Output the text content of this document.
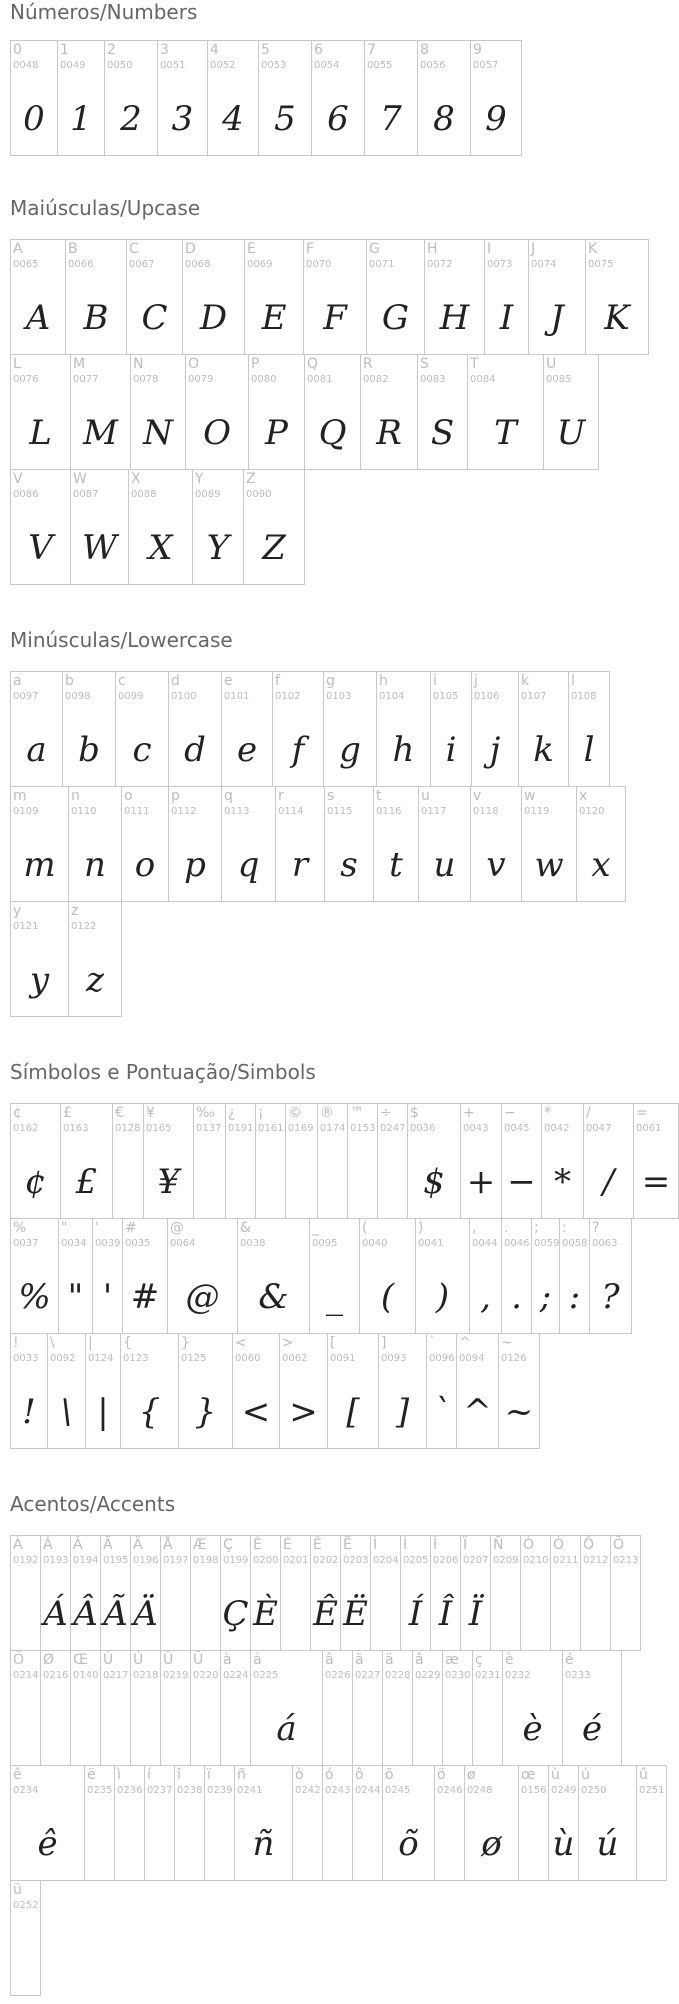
Números/Numbers
0
0048
0
1
0049
1
2
0050
2
3
0051
3
4
0052
4
5
0053
5
6
0054
6
7
0055
7
8
0056
8
9
0057
9
Maiúsculas/Upcase
A
0065
A
B
0066
B
C
0067
C
D
0068
D
E
0069
E
F
0070
F
G
0071
G
H
0072
H
I
0073
I
J
0074
J
K
0075
K
L
0076
L
M
0077
M
N
0078
N
O
0079
O
P
0080
P
Q
0081
Q
R
0082
R
S
0083
S
T
0084
T
U
0085
U
V
0086
V
W
0087
W
X
0088
X
Y
0089
Y
Z
0090
Z
Minúsculas/Lowercase
a
0097
a
b
0098
b
c
0099
c
d
0100
d
e
0101
e
f
0102
f
g
0103
g
h
0104
h
i
0105
i
j
0106
j
k
0107
k
l
0108
l
m
0109
m
n
0110
n
o
0111
o
p
0112
p
q
0113
q
r
0114
r
s
0115
s
t
0116
t
u
0117
u
v
0118
v
w
0119
w
x
0120
x
y
0121
y
z
0122
z
Símbolos e Pontuação/Simbols
¢
0162
¢
£
0163
£
€
0128
¥
0165
¥
‰
0137
¿
0191
¡
0161
©
0169
®
0174
™
0153
÷
0247
$
0036
$
+
0043
+
−
0045
−
*
0042
*
/
0047
/
=
0061
=
%
0037
%
"
0034
"
'
0039
'
#
0035
#
@
0064
@
&
0038
&
_
0095
_
(
0040
(
)
0041
)
,
0044
,
.
0046
.
;
0059
;
:
0058
:
?
0063
?
!
0033
!
\
0092
\
|
0124
|
{
0123
{
}
0125
}
<
0060
<
>
0062
>
[
0091
[
]
0093
]
`
0096
`
^
0094
^
~
0126
~
Acentos/Accents
À
0192
Á
0193
Á
Â
0194
Â
Ã
0195
Ã
Ä
0196
Ä
Å
0197
Æ
0198
Ç
0199
Ç
È
0200
È
É
0201
Ê
0202
Ê
Ë
0203
Ë
Ì
0204
Í
0205
Í
Î
0206
Î
Ï
0207
Ï
Ñ
0209
Ò
0210
Ó
0211
Ô
0212
Õ
0213
Ö
0214
Ø
0216
Œ
0140
Ù
0217
Ú
0218
Û
0219
Ü
0220
à
0224
á
0225
á
â
0226
ã
0227
ä
0228
â
0229
æ
0230
ç
0231
è
0232
è
é
0233
é
ê
0234
ê
ë
0235
ì
0236
í
0237
î
0238
ï
0239
ñ
0241
ñ
ò
0242
ó
0243
ô
0244
õ
0245
õ
ö
0246
ø
0248
ø
œ
0156
ù
0249
ù
ú
0250
ú
û
0251
ü
0252
